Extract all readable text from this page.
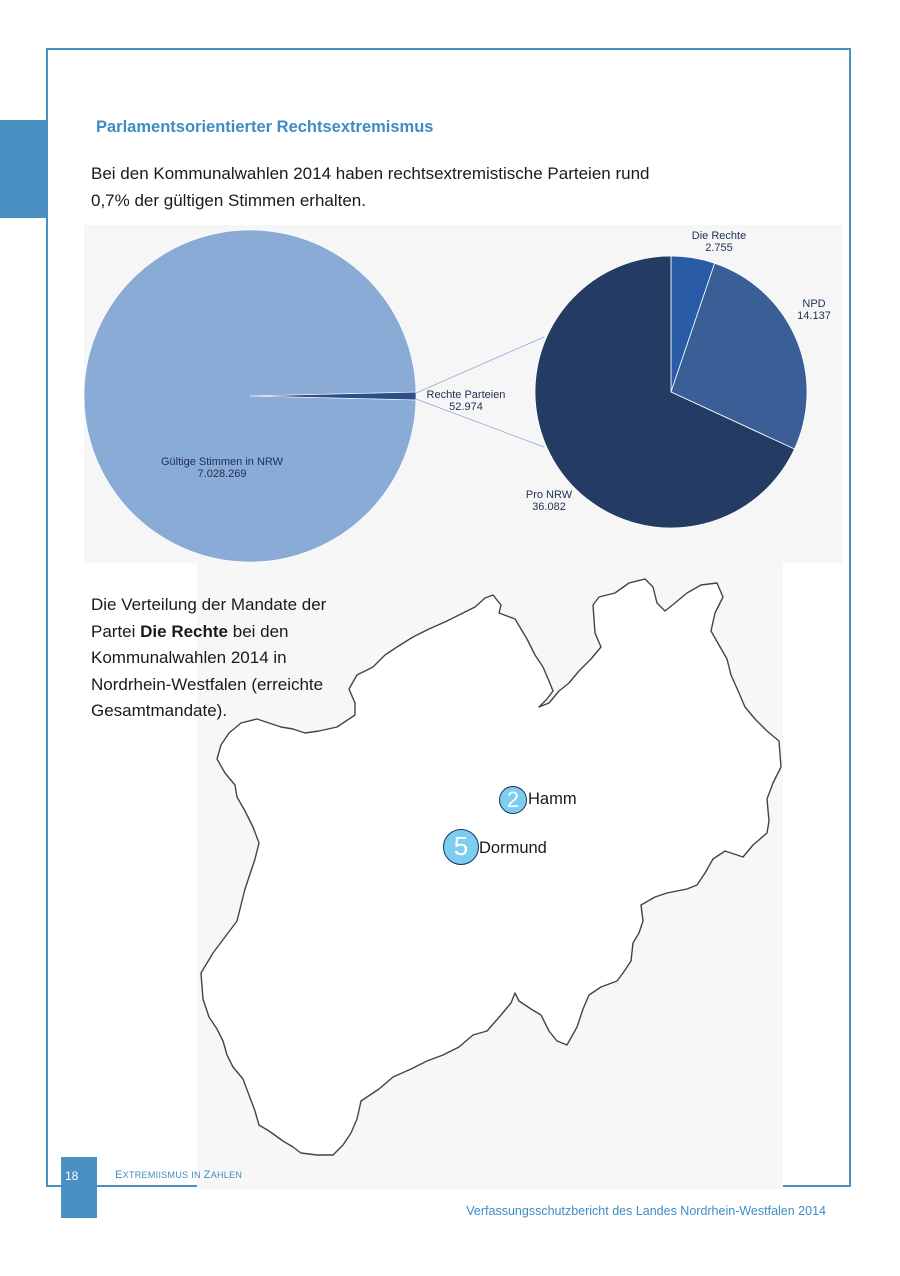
Parlamentsorientierter Rechtsextremismus
Bei den Kommunalwahlen 2014 haben rechtsextremistische Parteien rund 0,7% der gültigen Stimmen erhalten.
Gültige Stimmen in NRW 7.028.269
Rechte Parteien 52.974
Die Rechte 2.755
NPD 14.137
Pro NRW 36.082
Die Verteilung der Mandate der Partei Die Rechte bei den Kommunalwahlen 2014 in Nordrhein-Westfalen (erreichte Gesamtmandate).
2 Hamm
5 Dormund
18	EXTREMIISMUS IN ZAHLEN
Verfassungsschutzbericht des Landes Nordrhein-Westfalen 2014
